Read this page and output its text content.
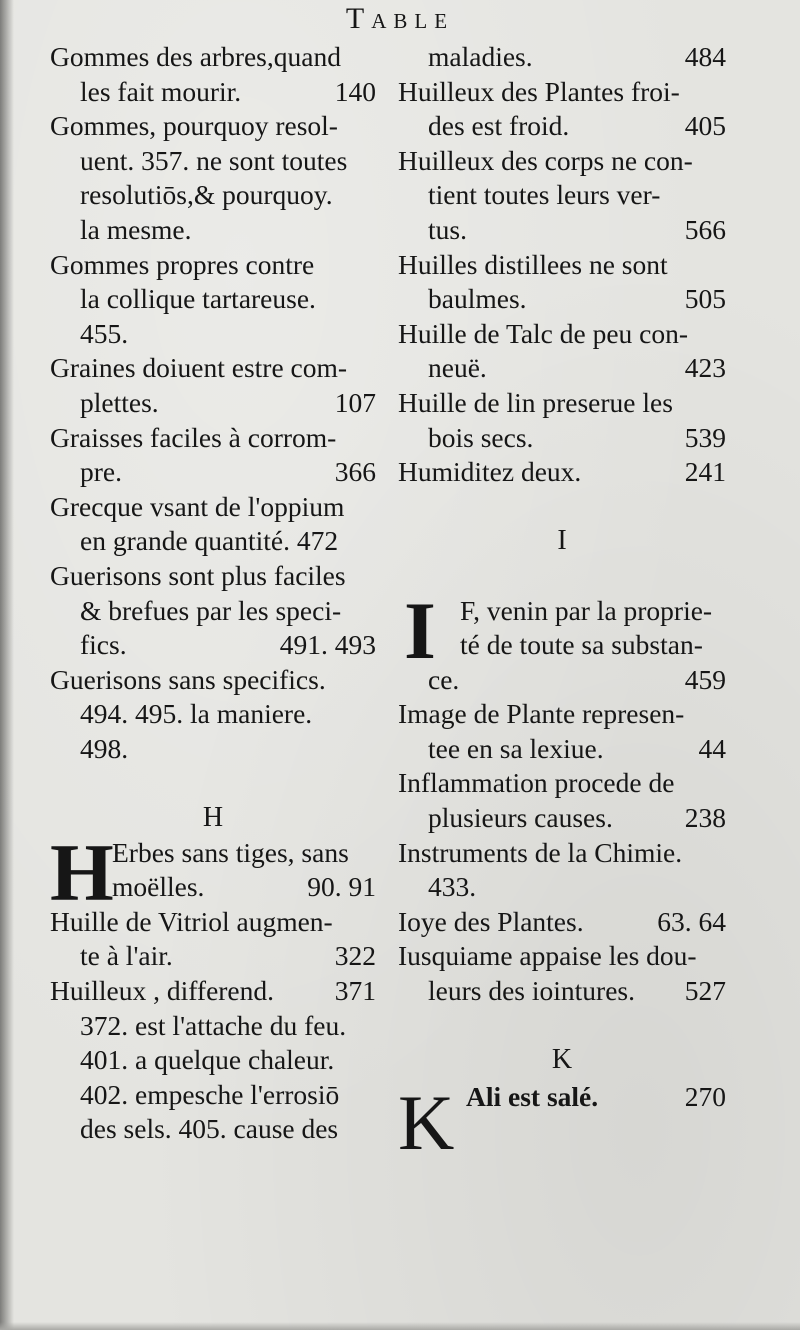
Table
Gommes des arbres,quand
les fait mourir.	140
Gommes, pourquoy resol-
uent. 357. ne sont toutes
resolutiōs,& pourquoy.
la mesme.
Gommes propres contre
la collique tartareuse.
455.
Graines doiuent estre com-
plettes.	107
Graisses faciles à corrom-
pre.	366
Grecque vsant de l'oppium
en grande quantité. 472
Guerisons sont plus faciles
& brefues par les speci-
fics.	491. 493
Guerisons sans specifics.
494. 495. la maniere.
498.
H
H
Erbes sans tiges, sans
moëlles.	90. 91
Huille de Vitriol augmen-
te à l'air.	322
Huilleux , differend. 371
372. est l'attache du feu.
401. a quelque chaleur.
402. empesche l'errosiō
des sels. 405. cause des
maladies.	484
Huilleux des Plantes froi-
des est froid.	405
Huilleux des corps ne con-
tient toutes leurs ver-
tus.	566
Huilles distillees ne sont
baulmes.	505
Huille de Talc de peu con-
neuë.	423
Huille de lin preserue les
bois secs.	539
Humiditez deux.	241
I
I F, venin par la proprie-
té de toute sa substan-
ce.	459
Image de Plante represen-
tee en sa lexiue.	44
Inflammation procede de
plusieurs causes.	238
Instruments de la Chimie.
433.
Ioye des Plantes.	63. 64
Iusquiame appaise les dou-
leurs des iointures. 527
K
K Ali est salé.	270
